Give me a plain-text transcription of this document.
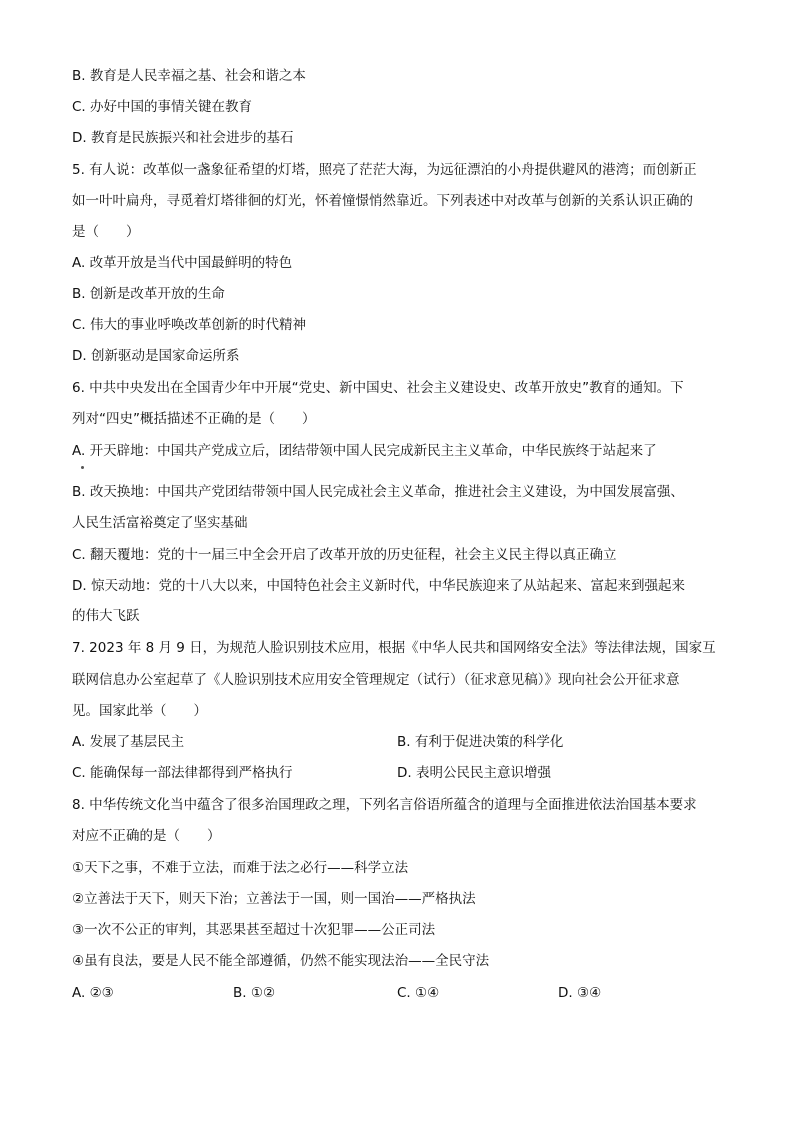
B. 教育是人民幸福之基、社会和谐之本
C. 办好中国的事情关键在教育
D. 教育是民族振兴和社会进步的基石
5. 有人说：改革似一盏象征希望的灯塔，照亮了茫茫大海，为远征漂泊的小舟提供避风的港湾；而创新正
如一叶叶扁舟，寻觅着灯塔徘徊的灯光，怀着憧憬悄然靠近。下列表述中对改革与创新的关系认识正确的
是（　　）
A. 改革开放是当代中国最鲜明的特色
B. 创新是改革开放的生命
C. 伟大的事业呼唤改革创新的时代精神
D. 创新驱动是国家命运所系
6. 中共中央发出在全国青少年中开展“党史、新中国史、社会主义建设史、改革开放史”教育的通知。下
列对“四史”概括描述不正确的是（　　）
A. 开天辟地：中国共产党成立后，团结带领中国人民完成新民主主义革命，中华民族终于站起来了
B. 改天换地：中国共产党团结带领中国人民完成社会主义革命，推进社会主义建设，为中国发展富强、
人民生活富裕奠定了坚实基础
C. 翻天覆地：党的十一届三中全会开启了改革开放的历史征程，社会主义民主得以真正确立
D. 惊天动地：党的十八大以来，中国特色社会主义新时代，中华民族迎来了从站起来、富起来到强起来
的伟大飞跃
7. 2023 年 8 月 9 日，为规范人脸识别技术应用，根据《中华人民共和国网络安全法》等法律法规，国家互
联网信息办公室起草了《人脸识别技术应用安全管理规定（试行）（征求意见稿）》现向社会公开征求意
见。国家此举（　　）
A. 发展了基层民主	B. 有利于促进决策的科学化
C. 能确保每一部法律都得到严格执行	D. 表明公民民主意识增强
8. 中华传统文化当中蕴含了很多治国理政之理，下列名言俗语所蕴含的道理与全面推进依法治国基本要求
对应不正确的是（　　）
①天下之事，不难于立法，而难于法之必行——科学立法
②立善法于天下，则天下治；立善法于一国，则一国治——严格执法
③一次不公正的审判，其恶果甚至超过十次犯罪——公正司法
④虽有良法，要是人民不能全部遵循，仍然不能实现法治——全民守法
A. ②③	B. ①②	C. ①④	D. ③④
